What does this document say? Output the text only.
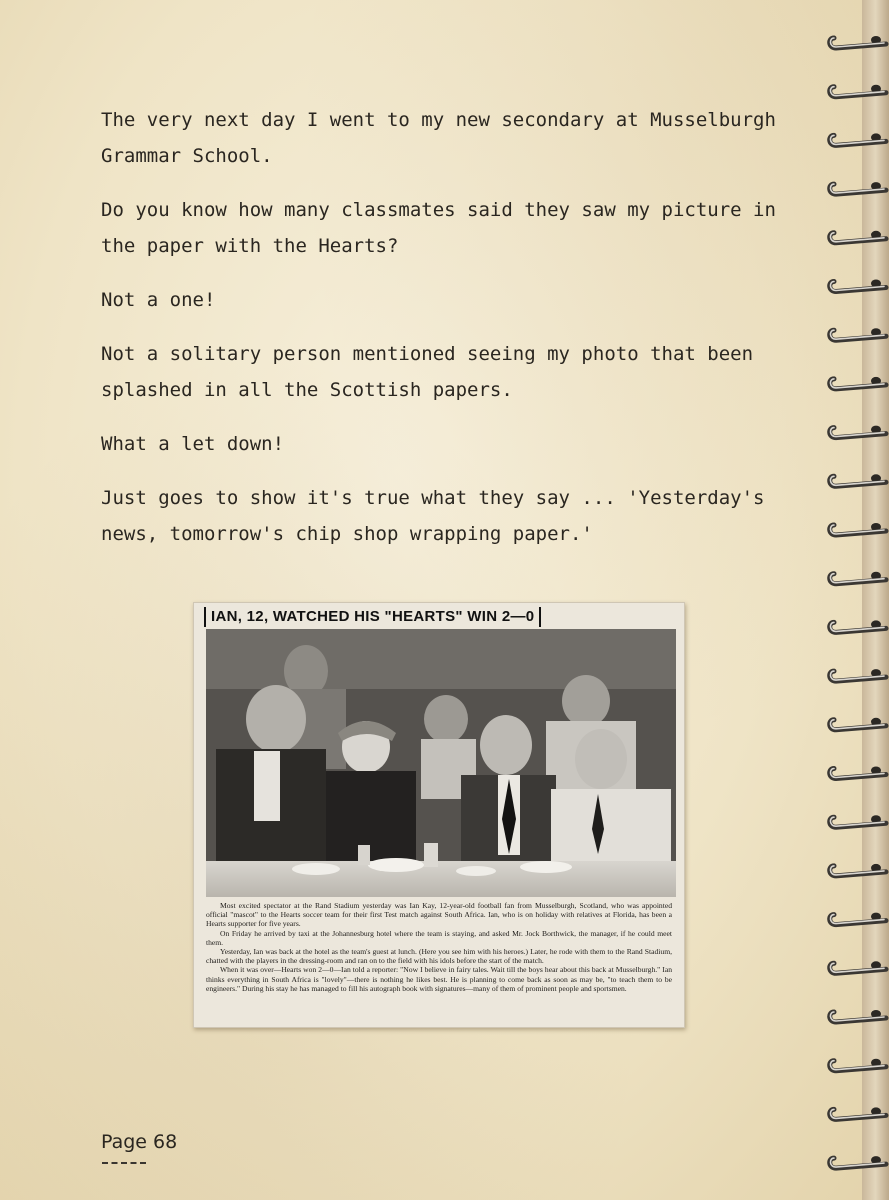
The very next day I went to my new secondary at Musselburgh Grammar School.

Do you know how many classmates said they saw my picture in the paper with the Hearts?

Not a one!

Not a solitary person mentioned seeing my photo that been splashed in all the Scottish papers.

What a let down!

Just goes to show it's true what they say ... 'Yesterday's news, tomorrow's chip shop wrapping paper.'

IAN, 12, WATCHED HIS "HEARTS" WIN 2—0

Most excited spectator at the Rand Stadium yesterday was Ian Kay, 12-year-old football fan from Musselburgh, Scotland, who was appointed official "mascot" to the Hearts soccer team for their first Test match against South Africa. Ian, who is on holiday with relatives at Florida, has been a Hearts supporter for five years.

On Friday he arrived by taxi at the Johannesburg hotel where the team is staying, and asked Mr. Jock Borthwick, the manager, if he could meet them.

Yesterday, Ian was back at the hotel as the team's guest at lunch. (Here you see him with his heroes.) Later, he rode with them to the Rand Stadium, chatted with the players in the dressing-room and ran on to the field with his idols before the start of the match.

When it was over—Hearts won 2—0—Ian told a reporter: "Now I believe in fairy tales. Wait till the boys hear about this back at Musselburgh." Ian thinks everything in South Africa is "lovely"—there is nothing he likes best. He is planning to come back as soon as may be, "to teach them to be engineers." During his stay he has managed to fill his autograph book with signatures—many of them of prominent people and sportsmen.

Page 68
